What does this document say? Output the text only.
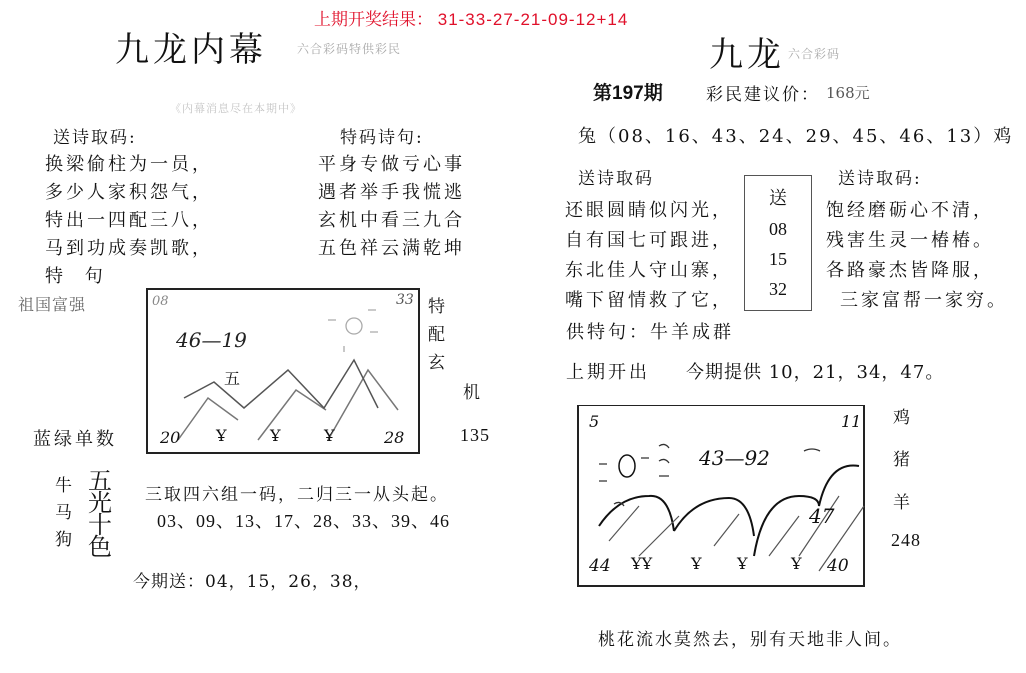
上期开奖结果： 31-33-27-21-09-12+14
九龙内幕	六合彩码特供彩民
《内幕消息尽在本期中》
送诗取码:
换梁偷柱为一员，
多少人家积怨气，
特出一四配三八，
马到功成奏凯歌，
特 句
祖国富强
特码诗句:
平身专做亏心事
遇者举手我慌逃
玄机中看三九合
五色祥云满乾坤
08	33
46—19
五
20 Ұ	Ұ	Ұ	28
特
配
玄
机
135
蓝绿单数
牛
马
狗
五
光
十
色
三取四六组一码，二归三一从头起。
03、09、13、17、28、33、39、46
今期送：04，15，26，38，
九龙 六合彩码
第197期	彩民建议价： 168元
兔（08、16、43、24、29、45、46、13）鸡
送诗取码
还眼圆睛似闪光，
自有国七可跟进，
东北佳人守山寨，
嘴下留情救了它，
送
08
15
32
送诗取码:
饱经磨砺心不清，
残害生灵一椿椿。
各路豪杰皆降服，
三家富帮一家穷。
供特句：牛羊成群
上期开出 今期提供 10，21，34，47。
5	11
43—92
47
44 ҰҰ Ұ Ұ	Ұ 40
鸡
猪
羊
248
桃花流水莫然去，别有天地非人间。
